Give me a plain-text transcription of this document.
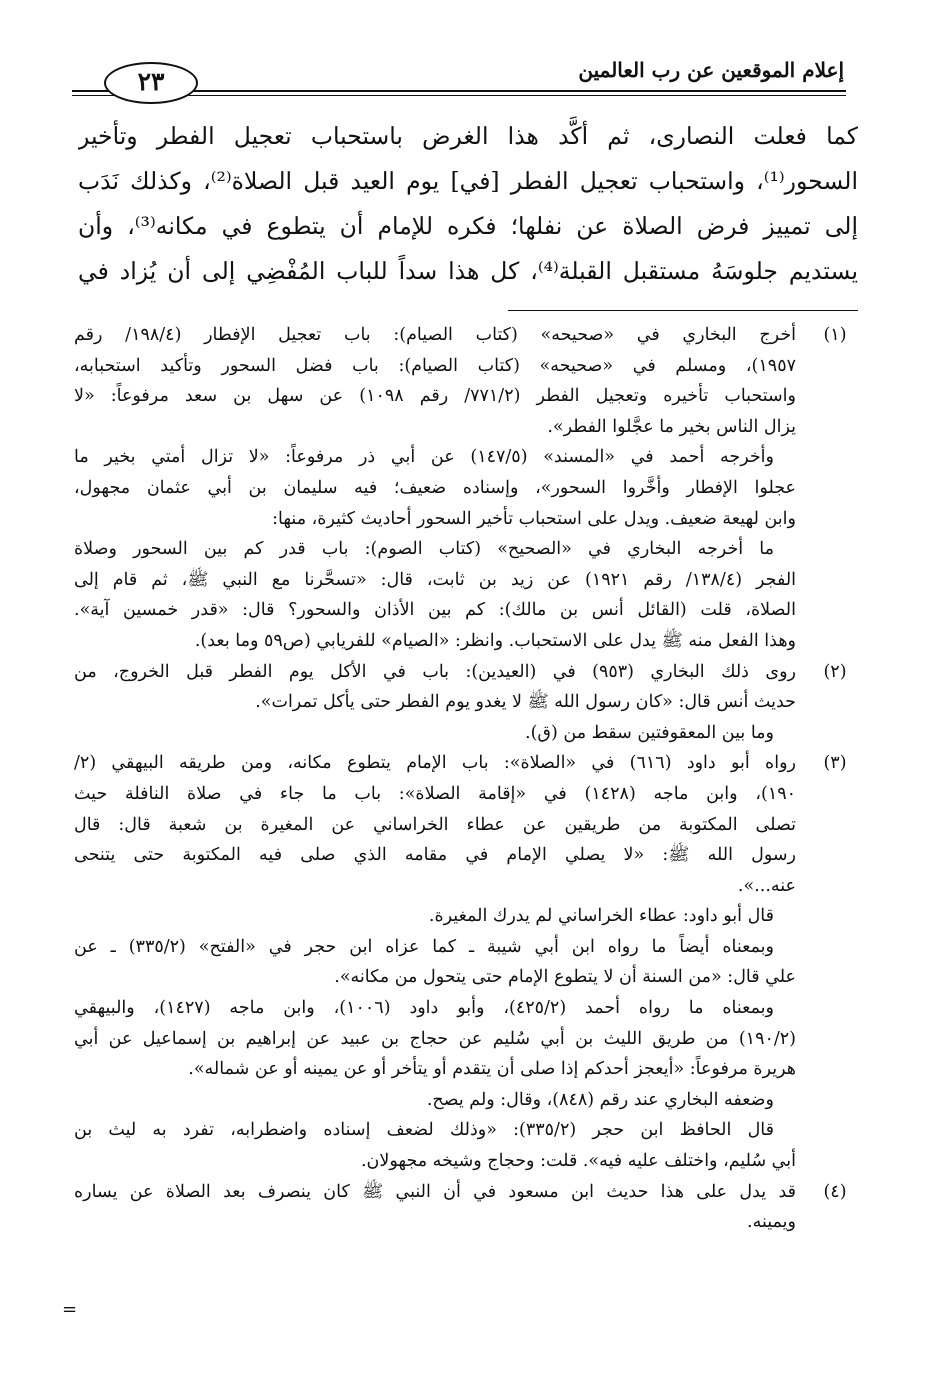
إعلام الموقعين عن رب العالمين
٢٣
كما فعلت النصارى، ثم أكَّد هذا الغرض باستحباب تعجيل الفطر وتأخير
السحور⁽¹⁾، واستحباب تعجيل الفطر [في] يوم العيد قبل الصلاة⁽²⁾، وكذلك نَدَب
إلى تمييز فرض الصلاة عن نفلها؛ فكره للإمام أن يتطوع في مكانه⁽³⁾، وأن
يستديم جلوسَهُ مستقبل القبلة⁽⁴⁾، كل هذا سداً للباب المُفْضِي إلى أن يُزاد في
(١)
أخرج البخاري في «صحيحه» (كتاب الصيام): باب تعجيل الإفطار (١٩٨/٤/ رقم
١٩٥٧)، ومسلم في «صحيحه» (كتاب الصيام): باب فضل السحور وتأكيد استحبابه،
واستحباب تأخيره وتعجيل الفطر (٧٧١/٢/ رقم ١٠٩٨) عن سهل بن سعد مرفوعاً: «لا
يزال الناس بخير ما عجَّلوا الفطر».
وأخرجه أحمد في «المسند» (١٤٧/٥) عن أبي ذر مرفوعاً: «لا تزال أمتي بخير ما
عجلوا الإفطار وأخَّروا السحور»، وإسناده ضعيف؛ فيه سليمان بن أبي عثمان مجهول،
وابن لهيعة ضعيف. ويدل على استحباب تأخير السحور أحاديث كثيرة، منها:
ما أخرجه البخاري في «الصحيح» (كتاب الصوم): باب قدر كم بين السحور وصلاة
الفجر (١٣٨/٤/ رقم ١٩٢١) عن زيد بن ثابت، قال: «تسحَّرنا مع النبي ﷺ، ثم قام إلى
الصلاة، قلت (القائل أنس بن مالك): كم بين الأذان والسحور؟ قال: «قدر خمسين آية».
وهذا الفعل منه ﷺ يدل على الاستحباب. وانظر: «الصيام» للفريابي (ص٥٩ وما بعد).
(٢)
روى ذلك البخاري (٩٥٣) في (العيدين): باب في الأكل يوم الفطر قبل الخروج، من
حديث أنس قال: «كان رسول الله ﷺ لا يغدو يوم الفطر حتى يأكل تمرات».
وما بين المعقوفتين سقط من (ق).
(٣)
رواه أبو داود (٦١٦) في «الصلاة»: باب الإمام يتطوع مكانه، ومن طريقه البيهقي (٢/
١٩٠)، وابن ماجه (١٤٢٨) في «إقامة الصلاة»: باب ما جاء في صلاة النافلة حيث
تصلى المكتوبة من طريقين عن عطاء الخراساني عن المغيرة بن شعبة قال: قال
رسول الله ﷺ: «لا يصلي الإمام في مقامه الذي صلى فيه المكتوبة حتى يتنحى
عنه...».
قال أبو داود: عطاء الخراساني لم يدرك المغيرة.
وبمعناه أيضاً ما رواه ابن أبي شيبة ـ كما عزاه ابن حجر في «الفتح» (٣٣٥/٢) ـ عن
علي قال: «من السنة أن لا يتطوع الإمام حتى يتحول من مكانه».
وبمعناه ما رواه أحمد (٤٢٥/٢)، وأبو داود (١٠٠٦)، وابن ماجه (١٤٢٧)، والبيهقي
(١٩٠/٢) من طريق الليث بن أبي سُليم عن حجاج بن عبيد عن إبراهيم بن إسماعيل عن أبي
هريرة مرفوعاً: «أيعجز أحدكم إذا صلى أن يتقدم أو يتأخر أو عن يمينه أو عن شماله».
وضعفه البخاري عند رقم (٨٤٨)، وقال: ولم يصح.
قال الحافظ ابن حجر (٣٣٥/٢): «وذلك لضعف إسناده واضطرابه، تفرد به ليث بن
أبي سُليم، واختلف عليه فيه». قلت: وحجاج وشيخه مجهولان.
(٤)
قد يدل على هذا حديث ابن مسعود في أن النبي ﷺ كان ينصرف بعد الصلاة عن يساره
ويمينه.
=
